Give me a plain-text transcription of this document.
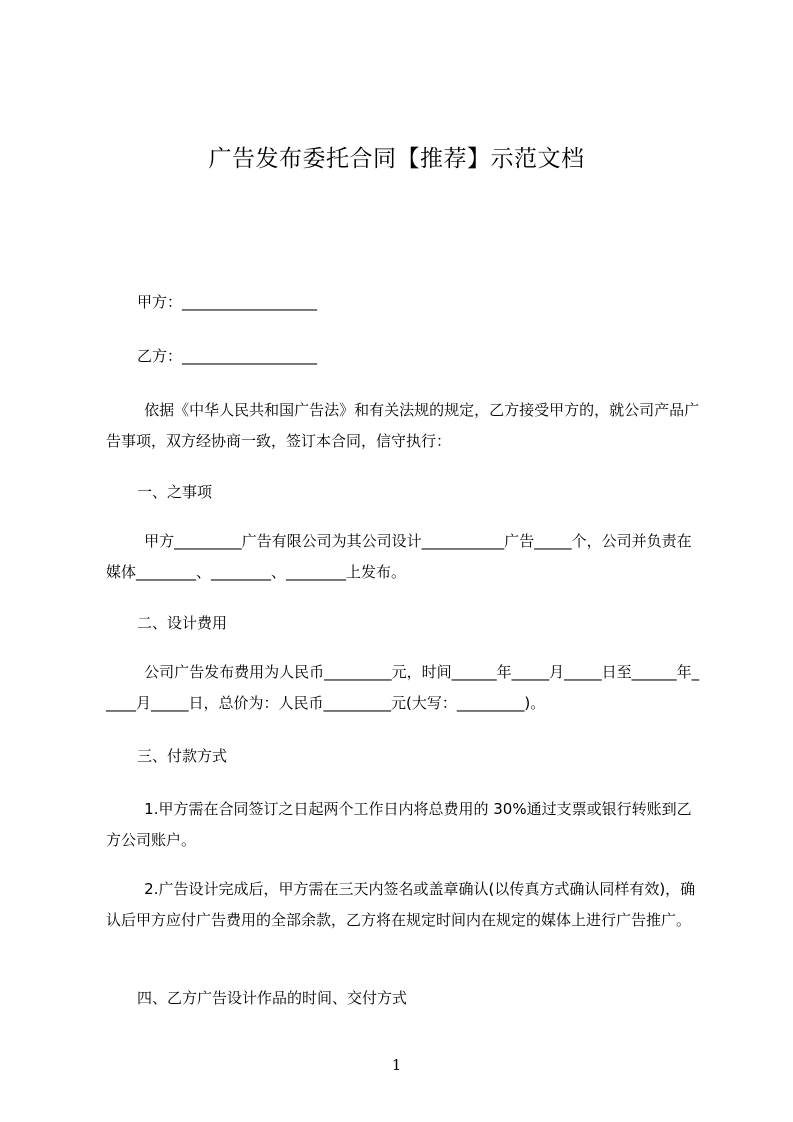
广告发布委托合同【推荐】示范文档
甲方：__________________
乙方：__________________
依据《中华人民共和国广告法》和有关法规的规定，乙方接受甲方的，就公司产品广告事项，双方经协商一致，签订本合同，信守执行：
一、之事项
甲方_________广告有限公司为其公司设计___________广告_____个，公司并负责在媒体________、________、________上发布。
二、设计费用
公司广告发布费用为人民币_________元，时间______年_____月_____日至______年_____月_____日，总价为：人民币_________元(大写：_________)。
三、付款方式
1.甲方需在合同签订之日起两个工作日内将总费用的 30%通过支票或银行转账到乙方公司账户。
2.广告设计完成后，甲方需在三天内签名或盖章确认(以传真方式确认同样有效)，确认后甲方应付广告费用的全部余款，乙方将在规定时间内在规定的媒体上进行广告推广。
四、乙方广告设计作品的时间、交付方式
1
